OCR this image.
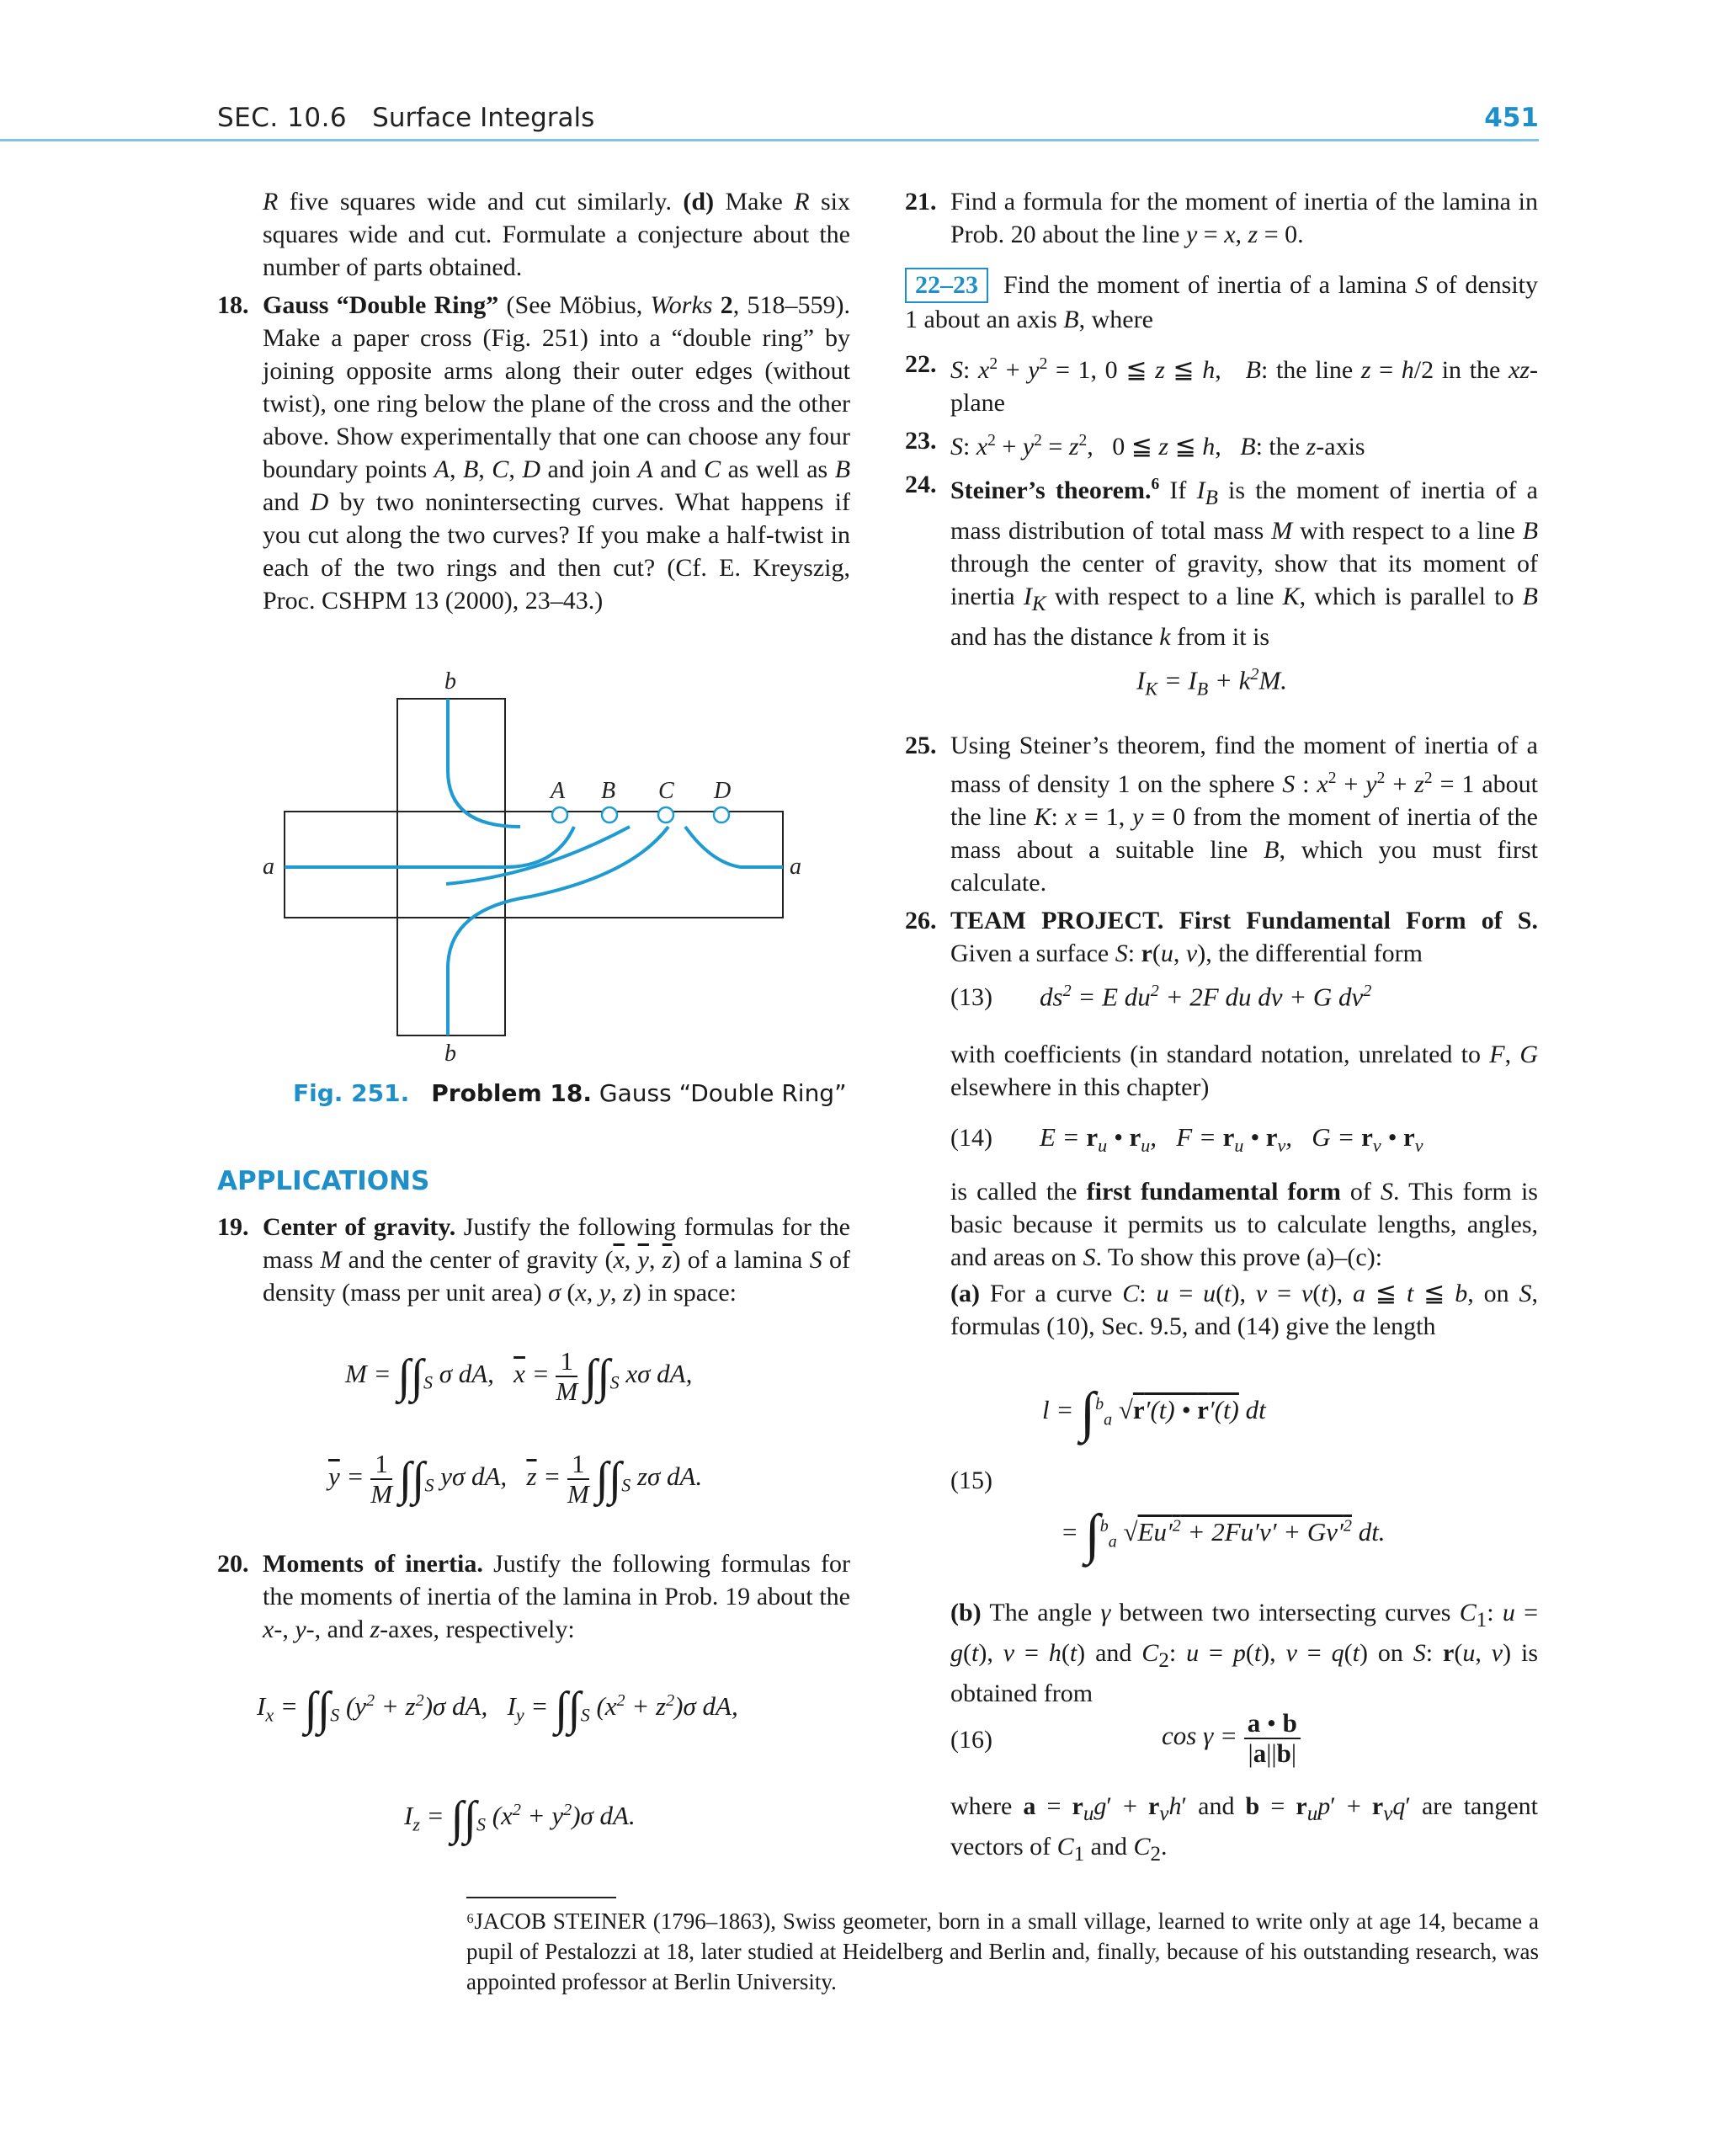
SEC. 10.6 Surface Integrals	451

R five squares wide and cut similarly. (d) Make R six squares wide and cut. Formulate a conjecture about the number of parts obtained.

18. Gauss “Double Ring” (See Möbius, Works 2, 518–559). Make a paper cross (Fig. 251) into a “double ring” by joining opposite arms along their outer edges (without twist), one ring below the plane of the cross and the other above. Show experimentally that one can choose any four boundary points A, B, C, D and join A and C as well as B and D by two nonintersecting curves. What happens if you cut along the two curves? If you make a half-twist in each of the two rings and then cut? (Cf. E. Kreyszig, Proc. CSHPM 13 (2000), 23–43.)
b
b
a	a
A B C D
Fig. 251. Problem 18. Gauss “Double Ring”
APPLICATIONS
19. Center of gravity. Justify the following formulas for the mass M and the center of gravity ($\overline{x}$, $\overline{y}$, $\overline{z}$) of a lamina S of density (mass per unit area) σ (x, y, z) in space:
$M = \int\int_S$ σ dA,   $\overline{x} = \frac{1}{M} \int\int_S$ xσ dA,
$\overline{y} = \frac{1}{M} \int\int_S$ yσ dA,   $\overline{z} = \frac{1}{M} \int\int_S$ zσ dA.
20. Moments of inertia. Justify the following formulas for the moments of inertia of the lamina in Prob. 19 about the x-, y-, and z-axes, respectively:
$I_x = \int\int_S$ $(y^2 + z^2)\sigma$ dA,   $I_y = \int\int_S$ $(x^2 + z^2)\sigma$ dA,
$I_z = \int\int_S$ $(x^2 + y^2)\sigma$ dA.
21. Find a formula for the moment of inertia of the lamina in Prob. 20 about the line y = x, z = 0.

22–23 Find the moment of inertia of a lamina S of density 1 about an axis B, where

22. S: $x^2 + y^2 = 1$, 0 ≦ z ≦ h,   B: the line z = h/2 in the xz-plane
23. S: $x^2 + y^2 = z^2$,   0 ≦ z ≦ h,   B: the z-axis
24. Steiner’s theorem.$^6$ If $I_B$ is the moment of inertia of a mass distribution of total mass M with respect to a line B through the center of gravity, show that its moment of inertia $I_K$ with respect to a line K, which is parallel to B and has the distance k from it is
$I_K = I_B + k^2M$.
25. Using Steiner’s theorem, find the moment of inertia of a mass of density 1 on the sphere S : $x^2 + y^2 + z^2 = 1$ about the line K: x = 1, y = 0 from the moment of inertia of the mass about a suitable line B, which you must first calculate.
26. TEAM PROJECT. First Fundamental Form of S. Given a surface S: r(u, v), the differential form
(13) $ds^2 = E$ $du^2 + 2F$ du dv + G $dv^2$

with coefficients (in standard notation, unrelated to F, G elsewhere in this chapter)

(14) $E = r_u$ • $r_u$,   $F = r_u$ • $r_v$,   $G = r_v$ • $r_v$

is called the first fundamental form of S. This form is basic because it permits us to calculate lengths, angles, and areas on S. To show this prove (a)–(c):

(a) For a curve C: u = u(t), v = v(t), a ≦ t ≦ b, on S, formulas (10), Sec. 9.5, and (14) give the length

(15)
l = ∫$^b_a$ √r′(t) • r′(t) dt
= ∫$^b_a$ $√Eu'^2 + 2Fu'v' + Gv'^2$ dt.

(b) The angle γ between two intersecting curves $C_1$: u = g(t), v = h(t) and $C_2$: u = p(t), v = q(t) on S: r(u, v) is obtained from

(16)	$\cos \gamma = \frac{a • b}{|a||b|}$

where $a = r_ug' + r_vh'$ and $b = r_up' + r_vq'$ are tangent vectors of $C_1$ and $C_2$.

⁶JACOB STEINER (1796–1863), Swiss geometer, born in a small village, learned to write only at age 14, became a pupil of Pestalozzi at 18, later studied at Heidelberg and Berlin and, finally, because of his outstanding research, was appointed professor at Berlin University.
